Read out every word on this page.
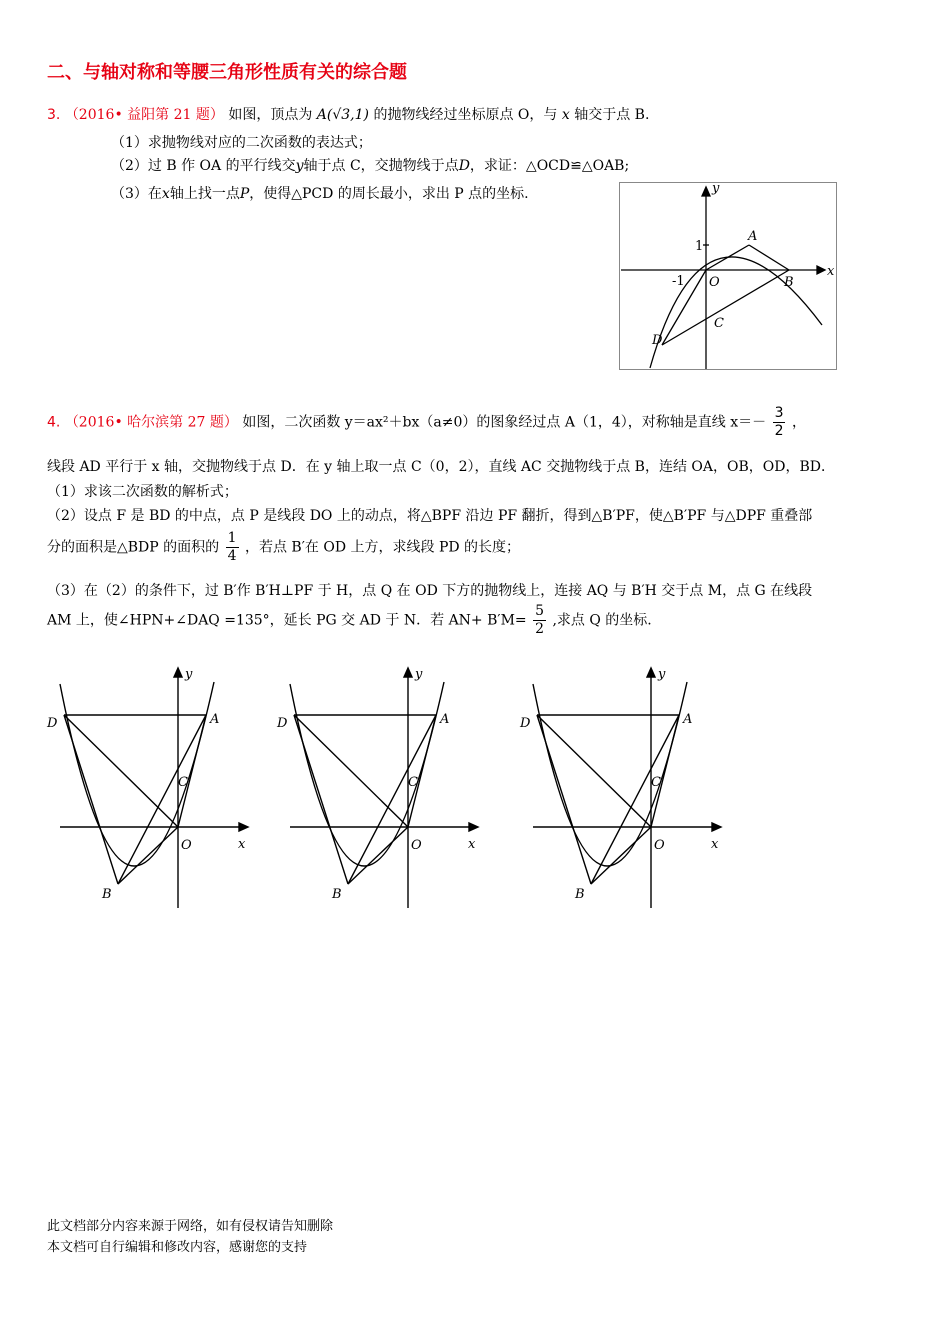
二、与轴对称和等腰三角形性质有关的综合题
3. （2016• 益阳第 21 题） 如图，顶点为 A(√3,1) 的抛物线经过坐标原点 O，与 x 轴交于点 B.
（1）求抛物线对应的二次函数的表达式；
（2）过 B 作 OA 的平行线交y轴于点 C，交抛物线于点D，求证：△OCD≌△OAB;
（3）在x轴上找一点P，使得△PCD 的周长最小，求出 P 点的坐标.	y
x
1
-1 O
A
B
C
D
4. （2016• 哈尔滨第 27 题） 如图，二次函数 y＝ax²＋bx（a≠0）的图象经过点 A（1，4），对称轴是直线 $x=- \frac{3}{2}$ ，
线段 AD 平行于 x 轴，交抛物线于点 D．在 y 轴上取一点 C（0，2），直线 AC 交抛物线于点 B，连结 OA，OB，OD，BD．
（1）求该二次函数的解析式；
（2）设点 F 是 BD 的中点，点 P 是线段 DO 上的动点，将△BPF 沿边 PF 翻折，得到△B′PF，使△B′PF 与△DPF 重叠部
分的面积是△BDP 的面积的 $\frac{1}{4}$ ，若点 B′在 OD 上方，求线段 PD 的长度；
（3）在（2）的条件下，过 B′作 B′H⊥PF 于 H，点 Q 在 OD 下方的抛物线上，连接 AQ 与 B′H 交于点 M，点 G 在线段
AM 上，使∠HPN+∠DAQ =135°，延长 PG 交 AD 于 N．若 $AN+ B'M= \frac{5}{2}$ ,求点 Q 的坐标.
y
x
O
A
B
C
D
y
x
O
A
B
C
D
y
x
O
A
B
C
D
此文档部分内容来源于网络，如有侵权请告知删除
本文档可自行编辑和修改内容，感谢您的支持
